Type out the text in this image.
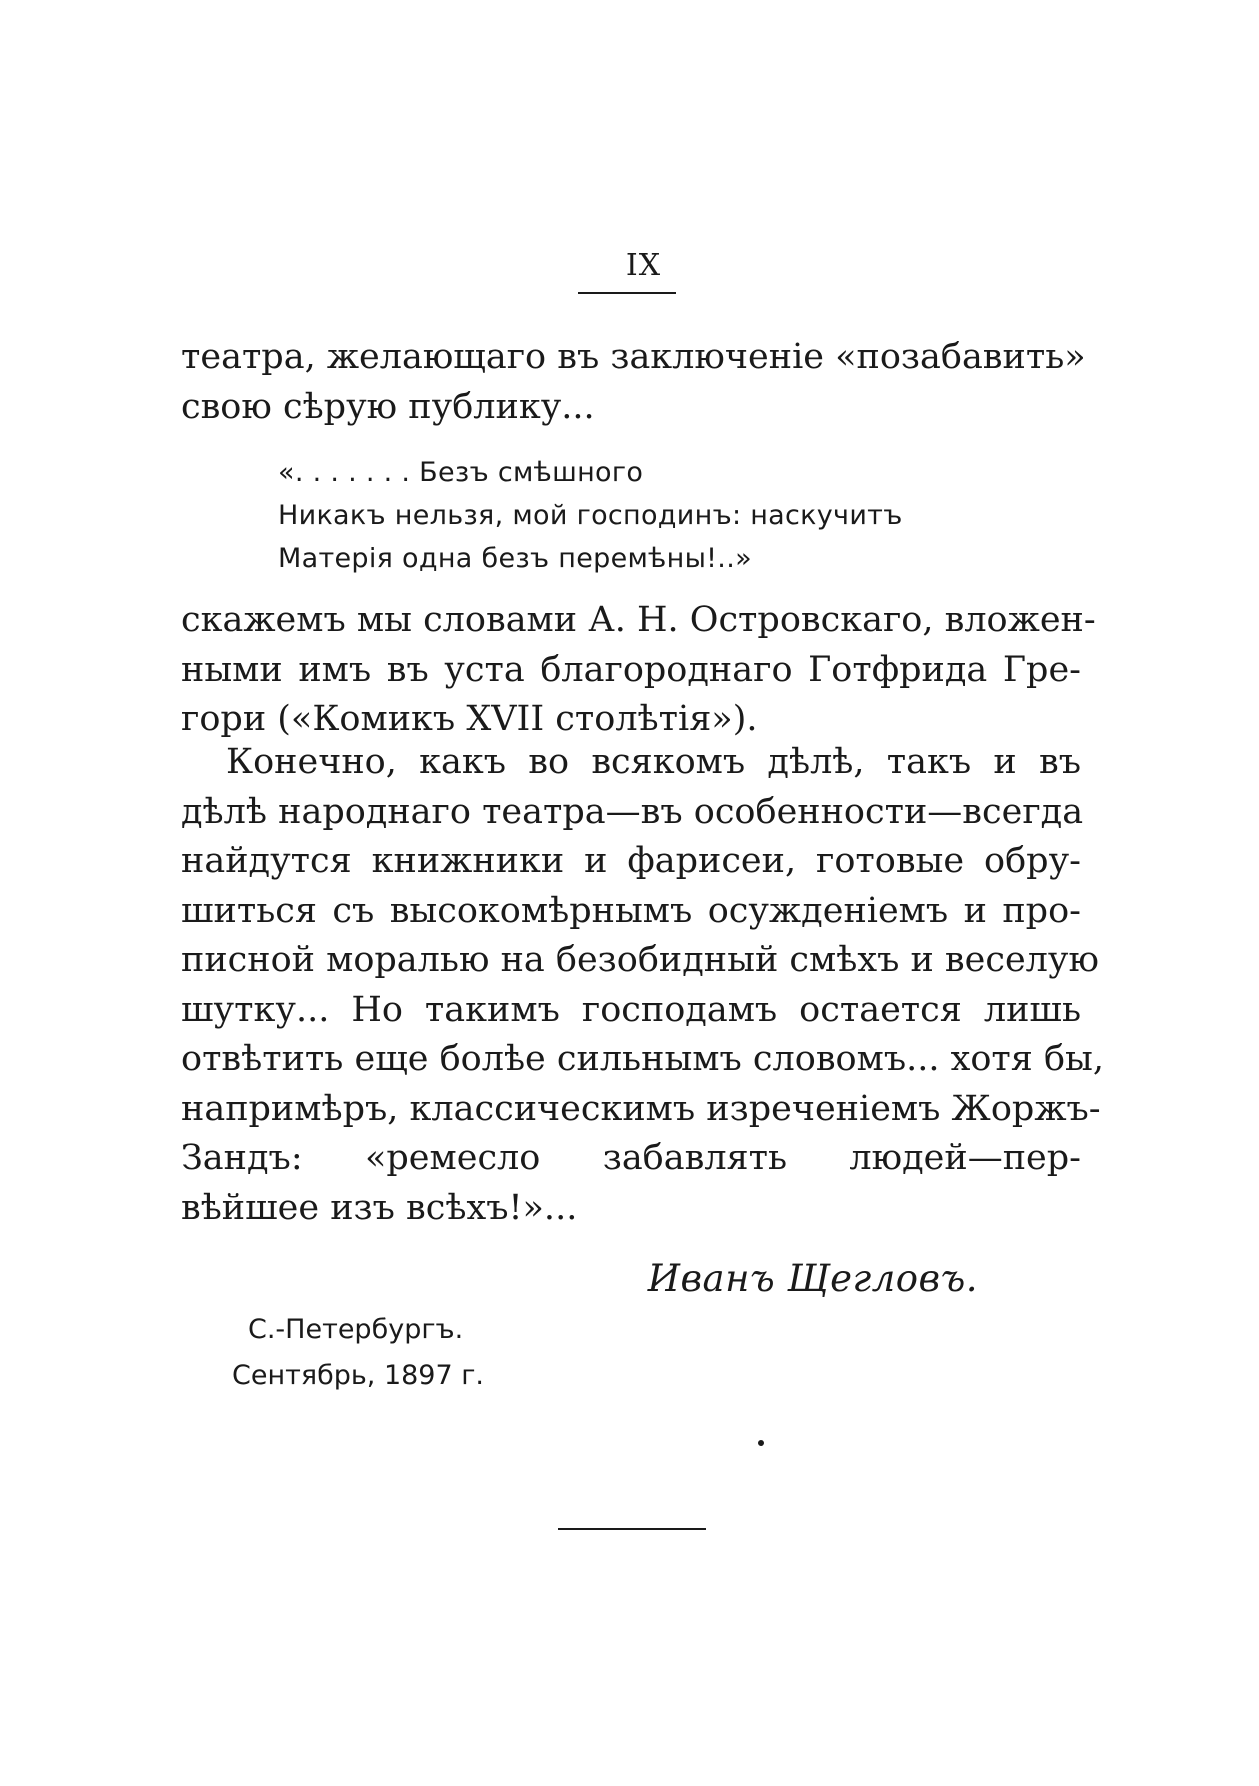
IX
театра, желающаго въ заключеніе «позабавить»
свою сѣрую публику...
«. . . . . . . Безъ смѣшного
Никакъ нельзя, мой господинъ: наскучитъ
Матерія одна безъ перемѣны!..»
скажемъ мы словами А. Н. Островскаго, вложен-
ными имъ въ уста благороднаго Готфрида Гре-
гори («Комикъ XVII столѣтія»).
Конечно, какъ во всякомъ дѣлѣ, такъ и въ
дѣлѣ народнаго театра—въ особенности—всегда
найдутся книжники и фарисеи, готовые обру-
шиться съ высокомѣрнымъ осужденіемъ и про-
писной моралью на безобидный смѣхъ и веселую
шутку... Но такимъ господамъ остается лишь
отвѣтить еще болѣе сильнымъ словомъ... хотя бы,
напримѣръ, классическимъ изреченіемъ Жоржъ-
Зандъ: «ремесло забавлять людей—пер-
вѣйшее изъ всѣхъ!»...
Иванъ Щегловъ.
С.-Петербургъ.
Сентябрь, 1897 г.
